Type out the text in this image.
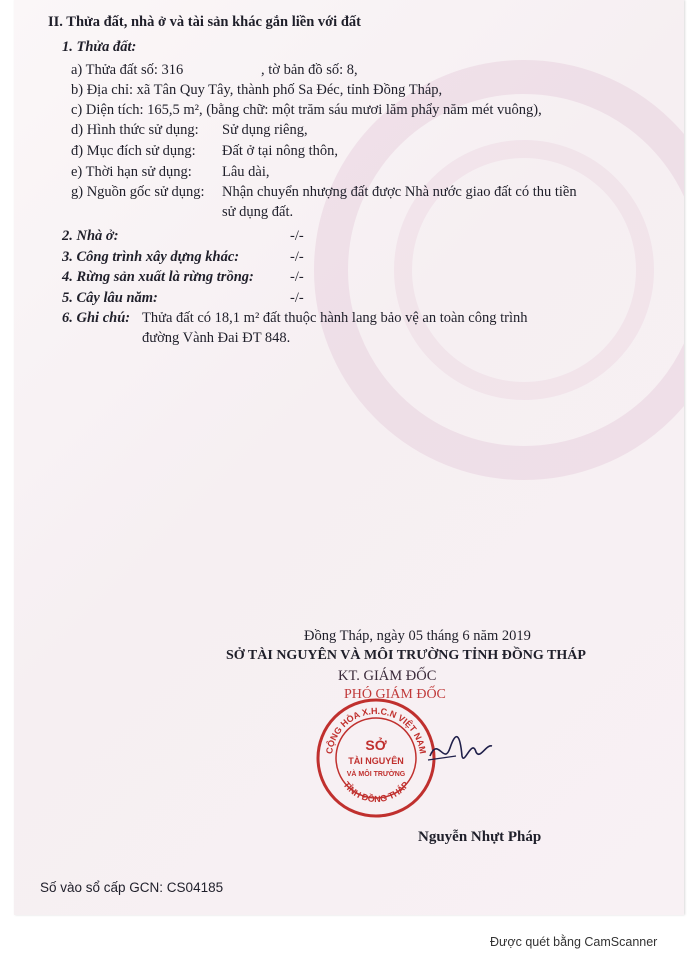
II. Thửa đất, nhà ở và tài sản khác gắn liền với đất
1. Thửa đất:
a) Thửa đất số: 316	, tờ bản đồ số: 8,
b) Địa chỉ: xã Tân Quy Tây, thành phố Sa Đéc, tỉnh Đồng Tháp,
c) Diện tích: 165,5 m², (bằng chữ: một trăm sáu mươi lăm phẩy năm mét vuông),
d) Hình thức sử dụng: Sử dụng riêng,
đ) Mục đích sử dụng: Đất ở tại nông thôn,
e) Thời hạn sử dụng: Lâu dài,
g) Nguồn gốc sử dụng: Nhận chuyển nhượng đất được Nhà nước giao đất có thu tiền
sử dụng đất.
2. Nhà ở:	-/-
3. Công trình xây dựng khác:	-/-
4. Rừng sản xuất là rừng trồng: -/-
5. Cây lâu năm:	-/-
6. Ghi chú: Thửa đất có 18,1 m² đất thuộc hành lang bảo vệ an toàn công trình
đường Vành Đai ĐT 848.
Đồng Tháp, ngày 05 tháng 6 năm 2019
SỞ TÀI NGUYÊN VÀ MÔI TRƯỜNG TỈNH ĐỒNG THÁP
KT. GIÁM ĐỐC
PHÓ GIÁM ĐỐC
CỘNG HÒA X.H.C.N VIỆT NAM
TỈNH ĐỒNG THÁP
SỞ
TÀI NGUYÊN
VÀ MÔI TRƯỜNG
Nguyễn Nhựt Pháp
Số vào sổ cấp GCN: CS04185
Được quét bằng CamScanner
